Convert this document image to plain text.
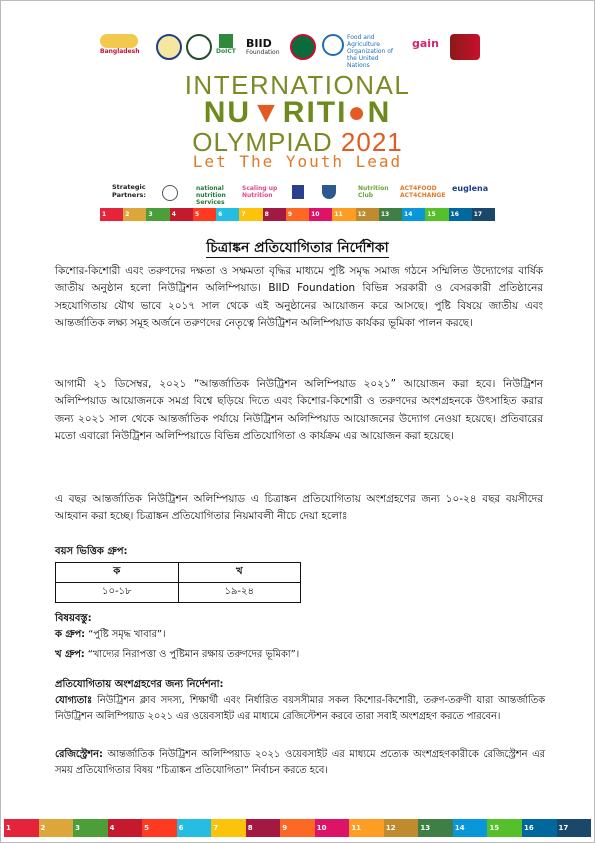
Bangladesh	DoICT
BIID
Foundation
Food and Agriculture Organization of the United Nations
gain
INTERNATIONAL
NU▼RITI●N
OLYMPIAD 2021
Let The Youth Lead
Strategic Partners:
national nutrition Services
Scaling up Nutrition
Nutrition Club
ACT4FOOD ACT4CHANGE
euglena
1	2	3	4	5	6	7	8	9	10	11	12	13	14	15	16	17
চিত্রাঙ্কন প্রতিযোগিতার নির্দেশিকা
কিশোর-কিশোরী এবং তরুণদের দক্ষতা ও সক্ষমতা বৃদ্ধির মাধ্যমে পুষ্টি সমৃদ্ধ সমাজ গঠনে সম্মিলিত উদ্যোগের বার্ষিক জাতীয় অনুষ্ঠান হলো নিউট্রিশন অলিম্পিয়াড। BIID Foundation বিভিন্ন সরকারী ও বেসরকারী প্রতিষ্ঠানের সহযোগিতায় যৌথ ভাবে ২০১৭ সাল থেকে এই অনুষ্ঠানের আয়োজন করে আসছে। পুষ্টি বিষয়ে জাতীয় এবং আন্তর্জাতিক লক্ষ্য সমূহ অর্জনে তরুণদের নেতৃত্বে নিউট্রিশন অলিম্পিয়াড কার্যকর ভূমিকা পালন করছে।
আগামী ২১ ডিসেম্বর, ২০২১ “আন্তর্জাতিক নিউট্রিশন অলিম্পিয়াড ২০২১” আয়োজন করা হবে। নিউট্রিশন অলিম্পিয়াড আয়োজনকে সমগ্র বিশ্বে ছড়িয়ে দিতে এবং কিশোর-কিশোরী ও তরুণদের অংশগ্রহনকে উৎসাহিত করার জন্য ২০২১ সাল থেকে আন্তর্জাতিক পর্যায়ে নিউট্রিশন অলিম্পিয়াড আয়োজনের উদ্যোগ নেওয়া হয়েছে। প্রতিবারের মতো এবারো নিউট্রিশন অলিম্পিয়াডে বিভিন্ন প্রতিযোগিতা ও কার্যক্রম এর আয়োজন করা হয়েছে।
এ বছর আন্তর্জাতিক নিউট্রিশন অলিম্পিয়াড এ চিত্রাঙ্কন প্রতিযোগিতায় অংশগ্রহণের জন্য ১০-২৪ বছর বয়সীদের আহবান করা হচ্ছে। চিত্রাঙ্কন প্রতিযোগিতার নিয়মাবলী নীচে দেয়া হলোঃ
বয়স ভিত্তিক গ্রুপ:
ক	খ
১০-১৮	১৯-২৪
বিষয়বস্তু:
ক গ্রুপ: “পুষ্টি সমৃদ্ধ খাবার”।
খ গ্রুপ: “খাদ্যের নিরাপত্তা ও পুষ্টিমান রক্ষায় তরুণদের ভূমিকা”।
প্রতিযোগিতায় অংশগ্রহণের জন্য নির্দেশনা:
যোগ্যতাঃ নিউট্রিশন ক্লাব সদস্য, শিক্ষার্থী এবং নির্ধারিত বয়সসীমার সকল কিশোর-কিশোরী, তরুণ-তরুণী যারা আন্তর্জাতিক নিউট্রিশন অলিম্পিয়াড ২০২১ এর ওয়েবসাইট এর মাধ্যমে রেজিস্টেশন করবে তারা সবাই অংশগ্রহণ করতে পারবেন।
রেজিস্ট্রেশন: আন্তর্জাতিক নিউট্রিশন অলিম্পিয়াড ২০২১ ওয়েবসাইট এর মাধ্যমে প্রত্যেক অংশগ্রহণকারীকে রেজিস্ট্রেশন এর সময় প্রতিযোগিতার বিষয় “চিত্রাঙ্কন প্রতিযোগিতা” নির্বাচন করতে হবে।
1	2	3	4	5	6	7	8	9	10	11	12	13	14	15	16	17
